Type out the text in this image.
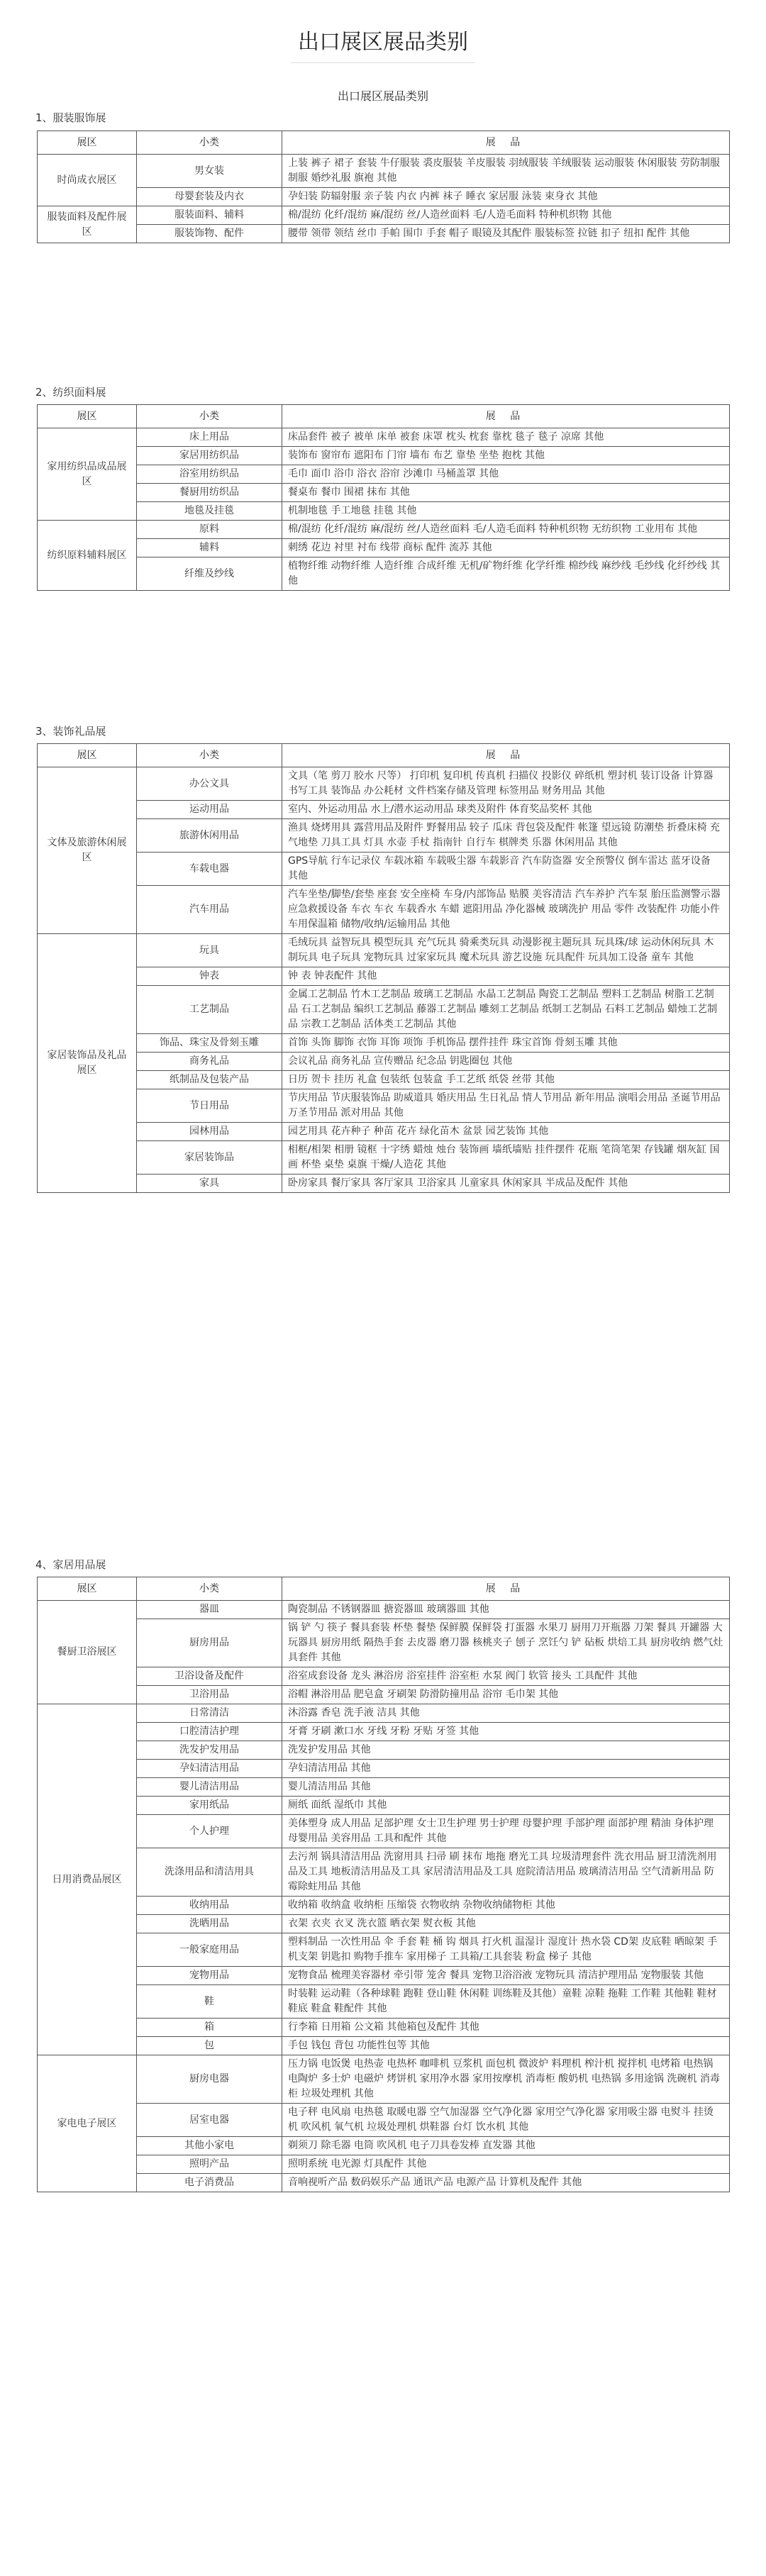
出口展区展品类别
出口展区展品类别
1、服装服饰展
展区	小类	展 品
时尚成衣展区	男女装	上装 裤子 裙子 套装 牛仔服装 裘皮服装 羊皮服装 羽绒服装 羊绒服装 运动服装 休闲服装 劳防制服 制服 婚纱礼服 旗袍 其他
	母婴套装及内衣	孕妇装 防辐射服 亲子装 内衣 内裤 袜子 睡衣 家居服 泳装 束身衣 其他
服装面料及配件展区	服装面料、辅料	棉/混纺 化纤/混纺 麻/混纺 丝/人造丝面料 毛/人造毛面料 特种机织物 其他
	服装饰物、配件	腰带 领带 领结 丝巾 手帕 围巾 手套 帽子 眼镜及其配件 服装标签 拉链 扣子 纽扣 配件 其他
2、纺织面料展
展区	小类	展 品
家用纺织品成品展区	床上用品	床品套件 被子 被单 床单 被套 床罩 枕头 枕套 靠枕 毯子 毯子 凉席 其他
	家居用纺织品	装饰布 窗帘布 遮阳布 门帘 墙布 布艺 靠垫 坐垫 抱枕 其他
	浴室用纺织品	毛巾 面巾 浴巾 浴衣 浴帘 沙滩巾 马桶盖罩 其他
	餐厨用纺织品	餐桌布 餐巾 围裙 抹布 其他
	地毯及挂毯	机制地毯 手工地毯 挂毯 其他
纺织原料辅料展区	原料	棉/混纺 化纤/混纺 麻/混纺 丝/人造丝面料 毛/人造毛面料 特种机织物 无纺织物 工业用布 其他
	辅料	刺绣 花边 衬里 衬布 线带 商标 配件 流苏 其他
	纤维及纱线	植物纤维 动物纤维 人造纤维 合成纤维 无机/矿物纤维 化学纤维 棉纱线 麻纱线 毛纱线 化纤纱线 其他
3、装饰礼品展
展区	小类	展 品
文体及旅游休闲展区	办公文具	文具（笔 剪刀 胶水 尺等） 打印机 复印机 传真机 扫描仪 投影仪 碎纸机 塑封机 装订设备 计算器 书写工具 装饰品 办公耗材 文件档案存储及管理 标签用品 财务用品 其他
	运动用品	室内、外运动用品 水上/潜水运动用品 球类及附件 体育奖品奖杯 其他
	旅游休闲用品	渔具 烧烤用具 露营用品及附件 野餐用品 较子 瓜床 背包袋及配件 帐篷 望远镜 防潮垫 折叠床椅 充气地垫 刀具工具 灯具 水壶 手杖 指南针 自行车 棋牌类 乐器 休闲用品 其他
	车载电器	GPS导航 行车记录仪 车载冰箱 车载吸尘器 车载影音 汽车防盗器 安全预警仪 倒车雷达 蓝牙设备 其他
	汽车用品	汽车坐垫/脚垫/套垫 座套 安全座椅 车身/内部饰品 贴膜 美容清洁 汽车养护 汽车泵 胎压监测警示器 应急救援设备 车衣 车衣 车载香水 车蜡 遮阳用品 净化器械 玻璃洗护 用品 零件 改装配件 功能小件 车用保温箱 储物/收纳/运输用品 其他
家居装饰品及礼品展区	玩具	毛绒玩具 益智玩具 模型玩具 充气玩具 骑乘类玩具 动漫影视主题玩具 玩具珠/球 运动休闲玩具 木制玩具 电子玩具 宠物玩具 过家家玩具 魔术玩具 游艺设施 玩具配件 玩具加工设备 童车 其他
	钟表	钟 表 钟表配件 其他
	工艺制品	金属工艺制品 竹木工艺制品 玻璃工艺制品 水晶工艺制品 陶瓷工艺制品 塑料工艺制品 树脂工艺制品 石工艺制品 编织工艺制品 藤器工艺制品 雕刻工艺制品 纸制工艺制品 石料工艺制品 蜡烛工艺制品 宗教工艺制品 活体类工艺制品 其他
	饰品、珠宝及骨刻玉雕	首饰 头饰 脚饰 衣饰 耳饰 项饰 手机饰品 摆件挂件 珠宝首饰 骨刻玉雕 其他
	商务礼品	会议礼品 商务礼品 宣传赠品 纪念品 钥匙圈包 其他
	纸制品及包装产品	日历 贺卡 挂历 礼盒 包装纸 包装盒 手工艺纸 纸袋 丝带 其他
	节日用品	节庆用品 节庆服装饰品 助威道具 婚庆用品 生日礼品 情人节用品 新年用品 演唱会用品 圣诞节用品 万圣节用品 派对用品 其他
	园林用品	园艺用具 花卉种子 种苗 花卉 绿化苗木 盆景 园艺装饰 其他
	家居装饰品	相框/相架 相册 镜框 十字绣 蜡烛 烛台 装饰画 墙纸墙贴 挂件摆件 花瓶 笔筒笔架 存钱罐 烟灰缸 国画 杯垫 桌垫 桌旗 干燥/人造花 其他
	家具	卧房家具 餐厅家具 客厅家具 卫浴家具 儿童家具 休闲家具 半成品及配件 其他
4、家居用品展
展区	小类	展 品
餐厨卫浴展区	器皿	陶瓷制品 不锈钢器皿 搪瓷器皿 玻璃器皿 其他
	厨房用品	锅 铲 勺 筷子 餐具套装 杯垫 餐垫 保鲜膜 保鲜袋 打蛋器 水果刀 厨用刀开瓶器 刀架 餐具 开罐器 大玩器具 厨房用纸 隔热手套 去皮器 磨刀器 核桃夹子 刨子 烹饪勺 铲 砧板 烘焙工具 厨房收纳 燃气灶具套件 其他
	卫浴设备及配件	浴室成套设备 龙头 淋浴房 浴室挂件 浴室柜 水泵 阀门 软管 接头 工具配件 其他
	卫浴用品	浴帽 淋浴用品 肥皂盒 牙刷架 防滑防撞用品 浴帘 毛巾架 其他
日用消费品展区	日常清洁	沐浴露 香皂 洗手液 洁具 其他
	口腔清洁护理	牙膏 牙刷 漱口水 牙线 牙粉 牙贴 牙签 其他
	洗发护发用品	洗发护发用品 其他
	孕妇清洁用品	孕妇清洁用品 其他
	婴儿清洁用品	婴儿清洁用品 其他
	家用纸品	厕纸 面纸 湿纸巾 其他
	个人护理	美体塑身 成人用品 足部护理 女士卫生护理 男士护理 母婴护理 手部护理 面部护理 精油 身体护理 母婴用品 美容用品 工具和配件 其他
	洗涤用品和清洁用具	去污剂 锅具清洁用品 洗窗用具 扫帚 刷 抹布 地拖 磨光工具 垃圾清理套件 洗衣用品 厨卫清洗剂用品及工具 地板清洁用品及工具 家居清洁用品及工具 庭院清洁用品 玻璃清洁用品 空气清新用品 防霉除蛀用品 其他
	收纳用品	收纳箱 收纳盒 收纳柜 压缩袋 衣物收纳 杂物收纳储物柜 其他
	洗晒用品	衣架 衣夹 衣叉 洗衣篮 晒衣架 熨衣板 其他
	一般家庭用品	塑料制品 一次性用品 伞 手套 鞋 桶 钩 烟具 打火机 温湿计 湿度计 热水袋 CD架 皮底鞋 晒晾架 手机支架 钥匙扣 购物手推车 家用梯子 工具箱/工具套装 粉盒 梯子 其他
	宠物用品	宠物食品 梳理美容器材 牵引带 笼舍 餐具 宠物卫浴浴液 宠物玩具 清洁护理用品 宠物服装 其他
	鞋	时装鞋 运动鞋（各种球鞋 跑鞋 登山鞋 休闲鞋 训练鞋及其他）童鞋 凉鞋 拖鞋 工作鞋 其他鞋 鞋材 鞋底 鞋盒 鞋配件 其他
	箱	行李箱 日用箱 公文箱 其他箱包及配件 其他
	包	手包 钱包 背包 功能性包等 其他
家电电子展区	厨房电器	压力锅 电饭煲 电热壶 电热杯 咖啡机 豆浆机 面包机 微波炉 料理机 榨汁机 搅拌机 电烤箱 电热锅 电陶炉 多士炉 电磁炉 烤饼机 家用净水器 家用按摩机 消毒柜 酸奶机 电热锅 多用途锅 洗碗机 消毒柜 垃圾处理机 其他
	居室电器	电子秤 电风扇 电热毯 取暖电器 空气加湿器 空气净化器 家用空气净化器 家用吸尘器 电熨斗 挂烫机 吹风机 氧气机 垃圾处理机 烘鞋器 台灯 饮水机 其他
	其他小家电	剃须刀 除毛器 电筒 吹风机 电子刀具卷发棒 直发器 其他
	照明产品	照明系统 电光源 灯具配件 其他
	电子消费品	音响视听产品 数码娱乐产品 通讯产品 电源产品 计算机及配件 其他
